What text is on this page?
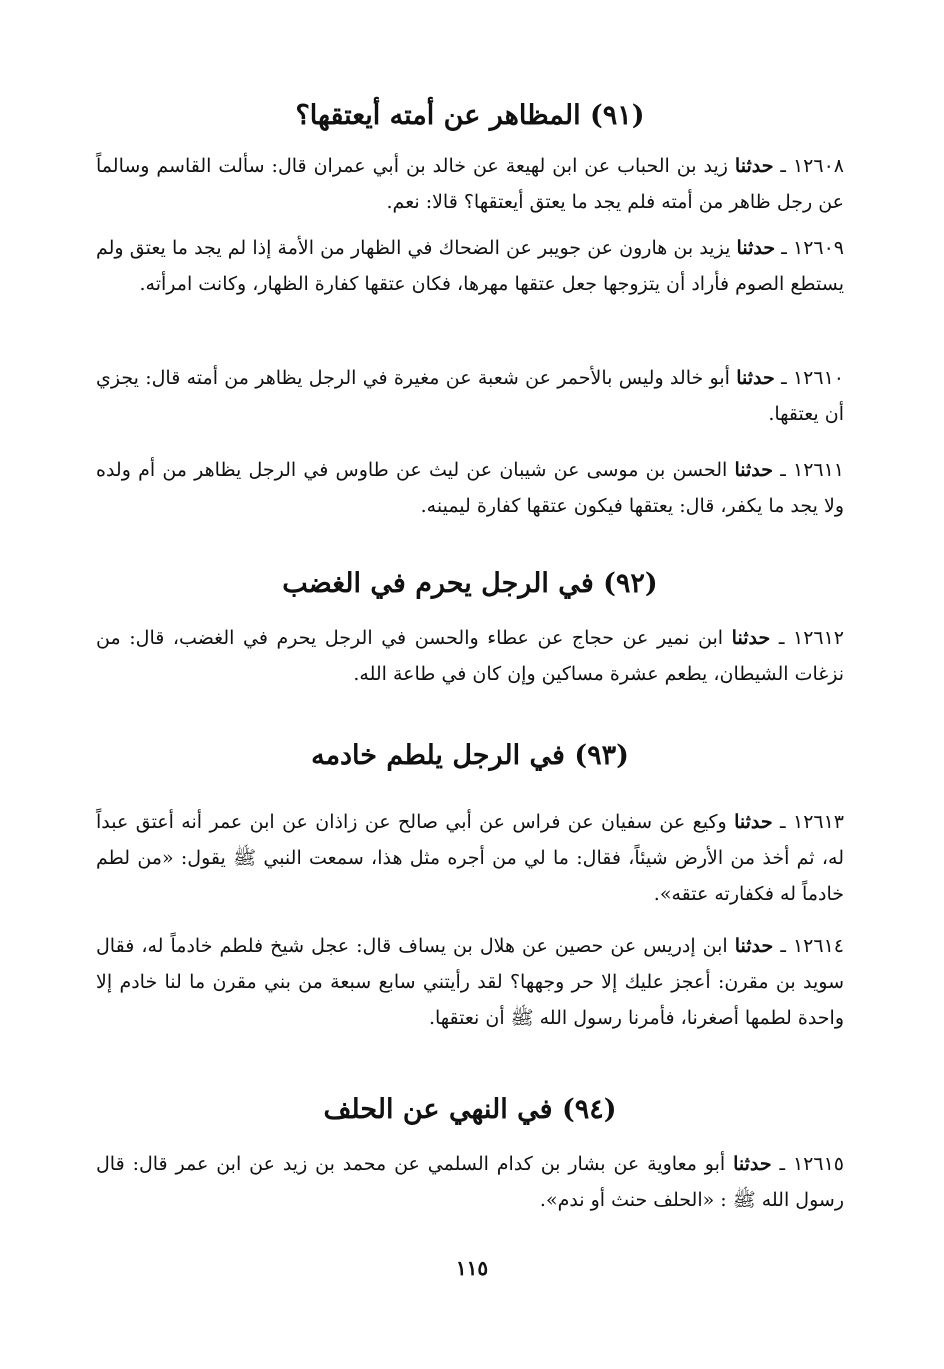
(٩١) المظاهر عن أمته أيعتقها؟

١٢٦٠٨ ـ حدثنا زيد بن الحباب عن ابن لهيعة عن خالد بن أبي عمران قال: سألت القاسم وسالماً عن رجل ظاهر من أمته فلم يجد ما يعتق أيعتقها؟ قالا: نعم.

١٢٦٠٩ ـ حدثنا يزيد بن هارون عن جويبر عن الضحاك في الظهار من الأمة إذا لم يجد ما يعتق ولم يستطع الصوم فأراد أن يتزوجها جعل عتقها مهرها، فكان عتقها كفارة الظهار، وكانت امرأته.

١٢٦١٠ ـ حدثنا أبو خالد وليس بالأحمر عن شعبة عن مغيرة في الرجل يظاهر من أمته قال: يجزي أن يعتقها.

١٢٦١١ ـ حدثنا الحسن بن موسى عن شيبان عن ليث عن طاوس في الرجل يظاهر من أم ولده ولا يجد ما يكفر، قال: يعتقها فيكون عتقها كفارة ليمينه.

(٩٢) في الرجل يحرم في الغضب

١٢٦١٢ ـ حدثنا ابن نمير عن حجاج عن عطاء والحسن في الرجل يحرم في الغضب، قال: من نزغات الشيطان، يطعم عشرة مساكين وإن كان في طاعة الله.

(٩٣) في الرجل يلطم خادمه

١٢٦١٣ ـ حدثنا وكيع عن سفيان عن فراس عن أبي صالح عن زاذان عن ابن عمر أنه أعتق عبداً له، ثم أخذ من الأرض شيئاً، فقال: ما لي من أجره مثل هذا، سمعت النبي ﷺ يقول: «من لطم خادماً له فكفارته عتقه».

١٢٦١٤ ـ حدثنا ابن إدريس عن حصين عن هلال بن يساف قال: عجل شيخ فلطم خادماً له، فقال سويد بن مقرن: أعجز عليك إلا حر وجهها؟ لقد رأيتني سابع سبعة من بني مقرن ما لنا خادم إلا واحدة لطمها أصغرنا، فأمرنا رسول الله ﷺ أن نعتقها.

(٩٤) في النهي عن الحلف

١٢٦١٥ ـ حدثنا أبو معاوية عن بشار بن كدام السلمي عن محمد بن زيد عن ابن عمر قال: قال رسول الله ﷺ : «الحلف حنث أو ندم».

١١٥
